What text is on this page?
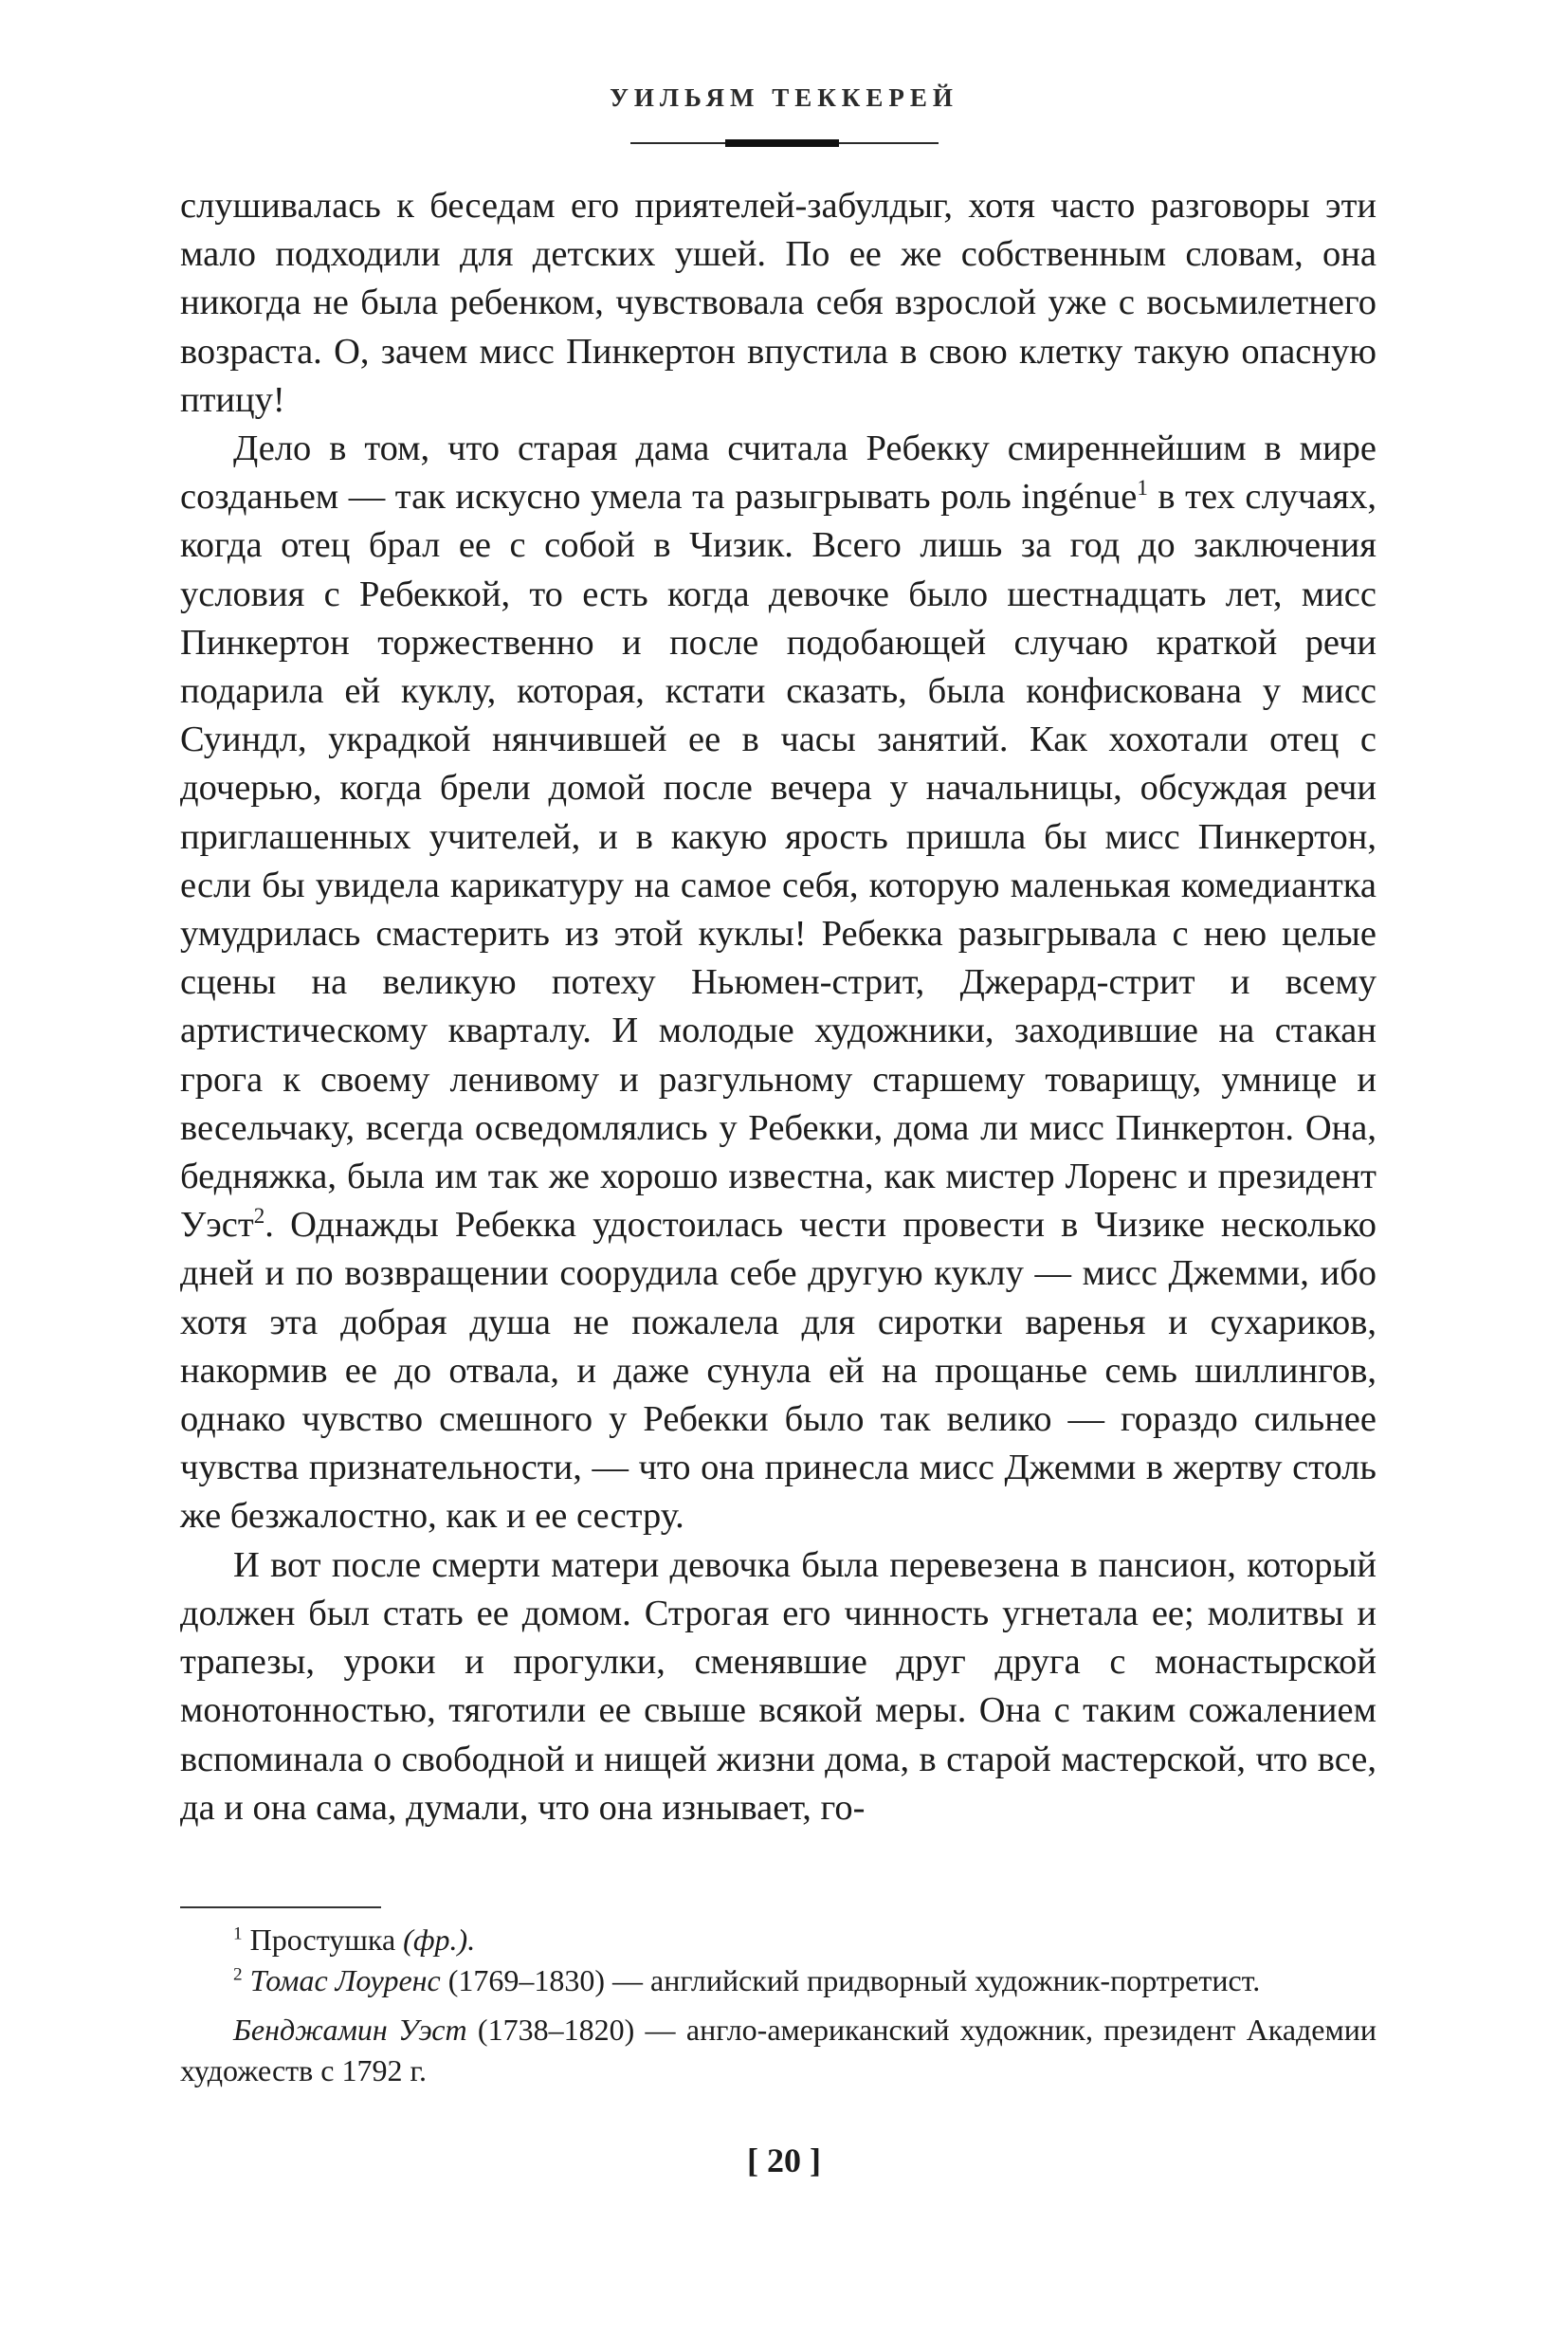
УИЛЬЯМ ТЕККЕРЕЙ

слушивалась к беседам его приятелей-забулдыг, хотя часто разговоры эти мало подходили для детских ушей. По ее же собственным словам, она никогда не была ребенком, чувствовала себя взрослой уже с восьмилетнего возраста. О, зачем мисс Пинкертон впустила в свою клетку такую опасную птицу!

Дело в том, что старая дама считала Ребекку смиреннейшим в мире созданьем — так искусно умела та разыгрывать роль ingénue$^1$ в тех случаях, когда отец брал ее с собой в Чизик. Всего лишь за год до заключения условия с Ребеккой, то есть когда девочке было шестнадцать лет, мисс Пинкертон торжественно и после подобающей случаю краткой речи подарила ей куклу, которая, кстати сказать, была конфискована у мисс Суиндл, украдкой нянчившей ее в часы занятий. Как хохотали отец с дочерью, когда брели домой после вечера у начальницы, обсуждая речи приглашенных учителей, и в какую ярость пришла бы мисс Пинкертон, если бы увидела карикатуру на самое себя, которую маленькая комедиантка умудрилась смастерить из этой куклы! Ребекка разыгрывала с нею целые сцены на великую потеху Ньюмен-стрит, Джерард-стрит и всему артистическому кварталу. И молодые художники, заходившие на стакан грога к своему ленивому и разгульному старшему товарищу, умнице и весельчаку, всегда осведомлялись у Ребекки, дома ли мисс Пинкертон. Она, бедняжка, была им так же хорошо известна, как мистер Лоренс и президент Уэст$^2$. Однажды Ребекка удостоилась чести провести в Чизике несколько дней и по возвращении соорудила себе другую куклу — мисс Джемми, ибо хотя эта добрая душа не пожалела для сиротки варенья и сухариков, накормив ее до отвала, и даже сунула ей на прощанье семь шиллингов, однако чувство смешного у Ребекки было так велико — гораздо сильнее чувства признательности, — что она принесла мисс Джемми в жертву столь же безжалостно, как и ее сестру.

И вот после смерти матери девочка была перевезена в пансион, который должен был стать ее домом. Строгая его чинность угнетала ее; молитвы и трапезы, уроки и прогулки, сменявшие друг друга с монастырской монотонностью, тяготили ее свыше всякой меры. Она с таким сожалением вспоминала о свободной и нищей жизни дома, в старой мастерской, что все, да и она сама, думали, что она изнывает, го-

$^1$ Простушка (фр.).

$^2$ Томас Лоуренс (1769–1830) — английский придворный художник-портретист.

Бенджамин Уэст (1738–1820) — англо-американский художник, президент Академии художеств с 1792 г.

[ 20 ]
